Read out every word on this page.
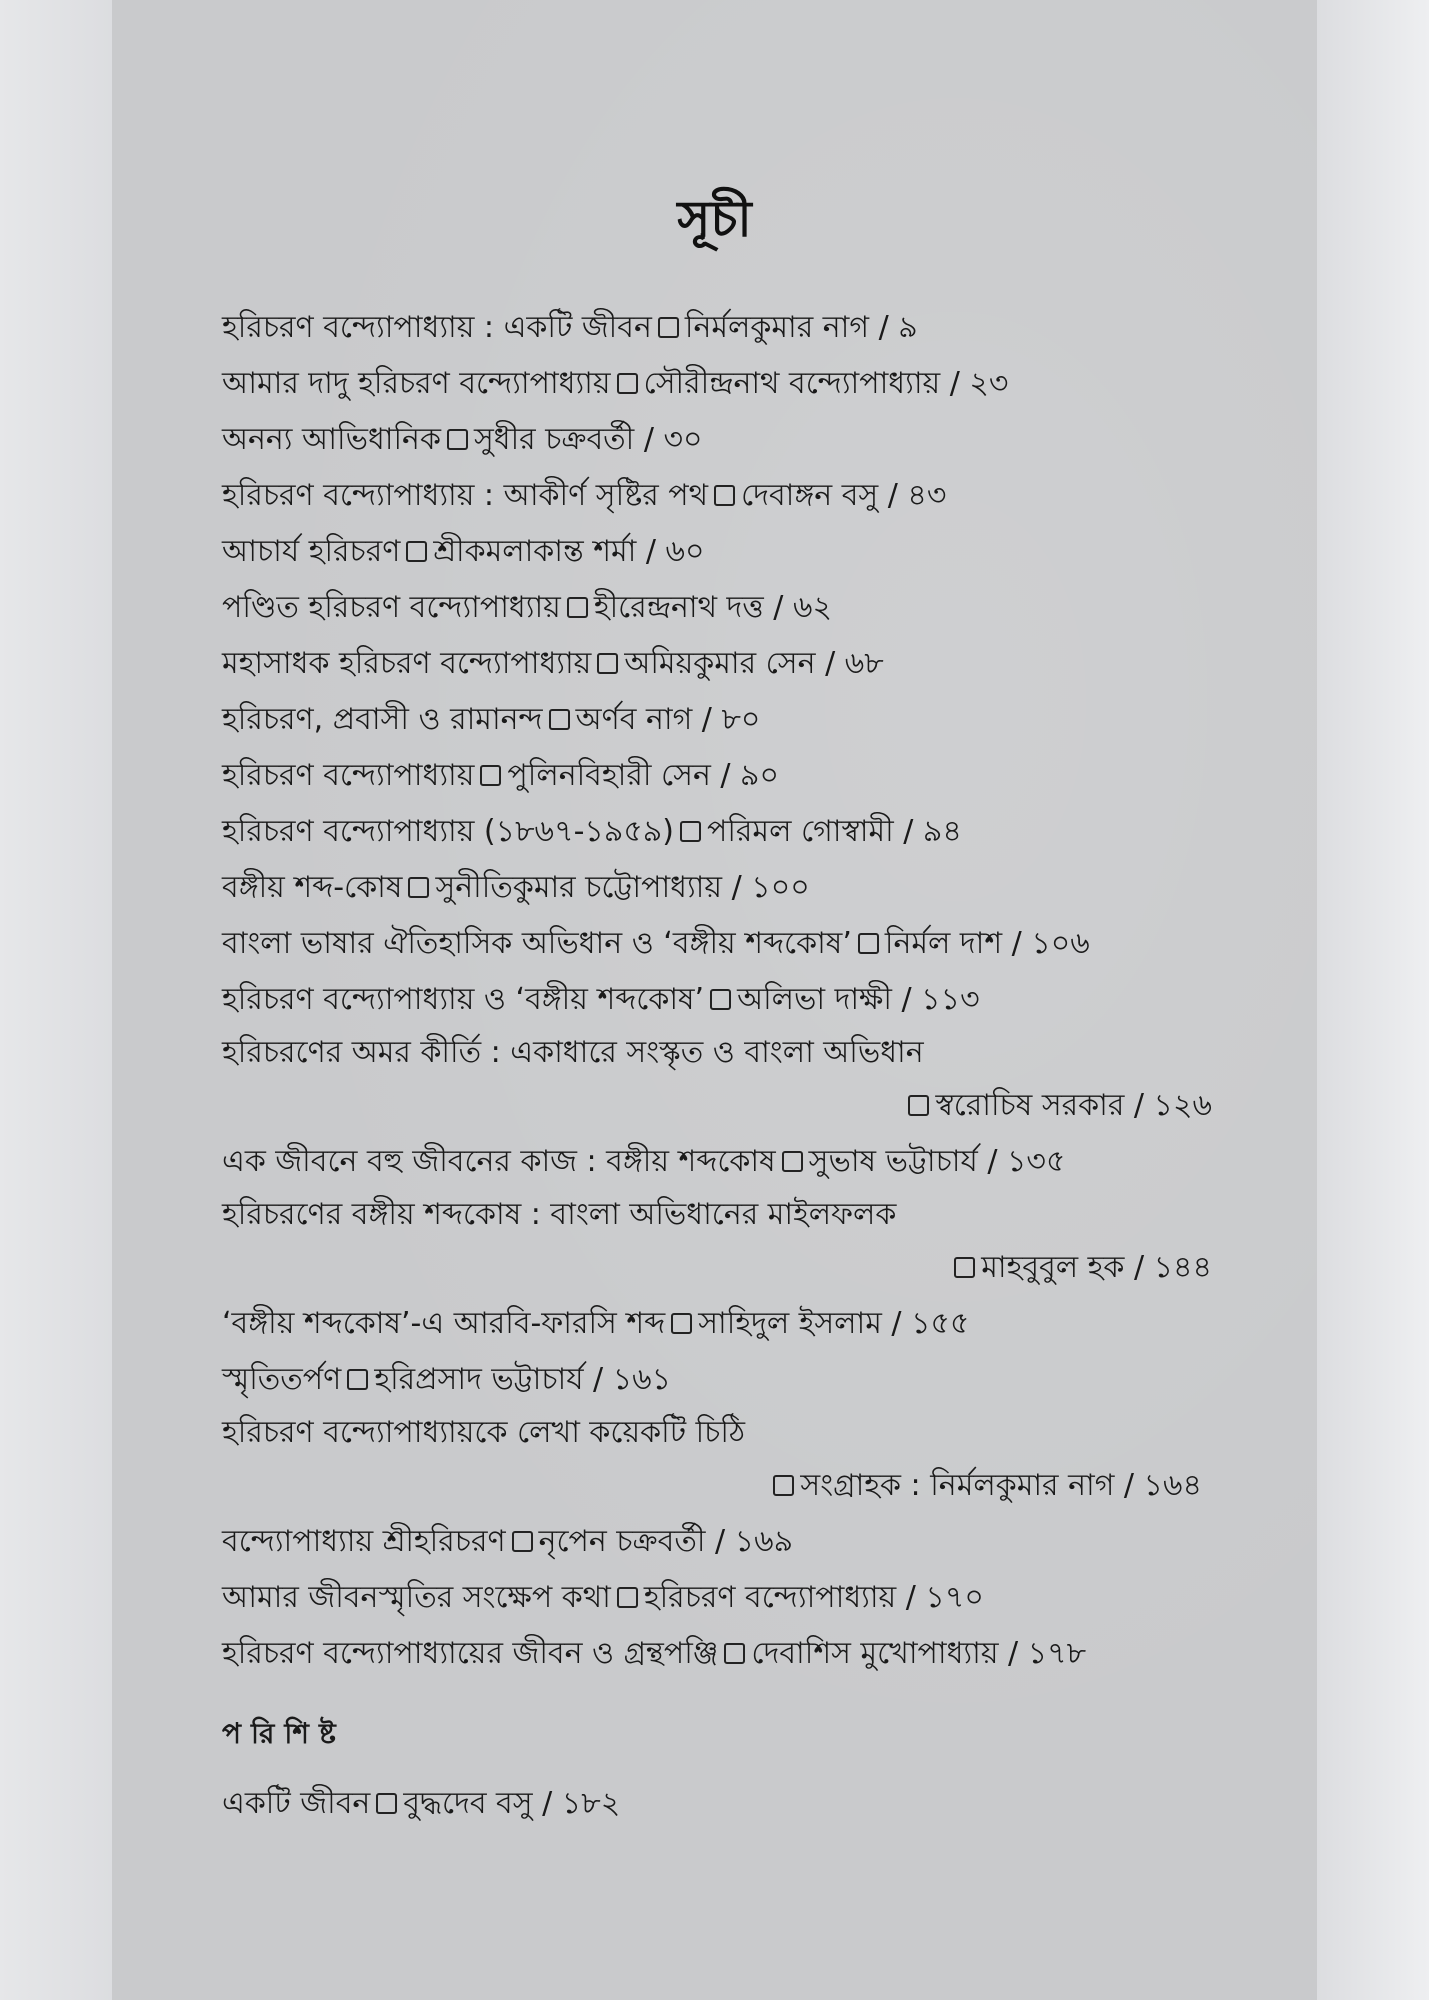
সূচী
হরিচরণ বন্দ্যোপাধ্যায় : একটি জীবন নির্মলকুমার নাগ / ৯
আমার দাদু হরিচরণ বন্দ্যোপাধ্যায় সৌরীন্দ্রনাথ বন্দ্যোপাধ্যায় / ২৩
অনন্য আভিধানিক সুধীর চক্রবর্তী / ৩০
হরিচরণ বন্দ্যোপাধ্যায় : আকীর্ণ সৃষ্টির পথ দেবাঙ্গন বসু / ৪৩
আচার্য হরিচরণ শ্রীকমলাকান্ত শর্মা / ৬০
পণ্ডিত হরিচরণ বন্দ্যোপাধ্যায় হীরেন্দ্রনাথ দত্ত / ৬২
মহাসাধক হরিচরণ বন্দ্যোপাধ্যায় অমিয়কুমার সেন / ৬৮
হরিচরণ, প্রবাসী ও রামানন্দ অর্ণব নাগ / ৮০
হরিচরণ বন্দ্যোপাধ্যায় পুলিনবিহারী সেন / ৯০
হরিচরণ বন্দ্যোপাধ্যায় (১৮৬৭-১৯৫৯) পরিমল গোস্বামী / ৯৪
বঙ্গীয় শব্দ-কোষ সুনীতিকুমার চট্টোপাধ্যায় / ১০০
বাংলা ভাষার ঐতিহাসিক অভিধান ও ‘বঙ্গীয় শব্দকোষ’ নির্মল দাশ / ১০৬
হরিচরণ বন্দ্যোপাধ্যায় ও ‘বঙ্গীয় শব্দকোষ’ অলিভা দাক্ষী / ১১৩
হরিচরণের অমর কীর্তি : একাধারে সংস্কৃত ও বাংলা অভিধান
স্বরোচিষ সরকার / ১২৬
এক জীবনে বহু জীবনের কাজ : বঙ্গীয় শব্দকোষ সুভাষ ভট্টাচার্য / ১৩৫
হরিচরণের বঙ্গীয় শব্দকোষ : বাংলা অভিধানের মাইলফলক
মাহবুবুল হক / ১৪৪
‘বঙ্গীয় শব্দকোষ’-এ আরবি-ফারসি শব্দ সাহিদুল ইসলাম / ১৫৫
স্মৃতিতর্পণ হরিপ্রসাদ ভট্টাচার্য / ১৬১
হরিচরণ বন্দ্যোপাধ্যায়কে লেখা কয়েকটি চিঠি
সংগ্রাহক : নির্মলকুমার নাগ / ১৬৪
বন্দ্যোপাধ্যায় শ্রীহরিচরণ নৃপেন চক্রবর্তী / ১৬৯
আমার জীবনস্মৃতির সংক্ষেপ কথা হরিচরণ বন্দ্যোপাধ্যায় / ১৭০
হরিচরণ বন্দ্যোপাধ্যায়ের জীবন ও গ্রন্থপঞ্জি দেবাশিস মুখোপাধ্যায় / ১৭৮
পরিশিষ্ট
একটি জীবন বুদ্ধদেব বসু / ১৮২
